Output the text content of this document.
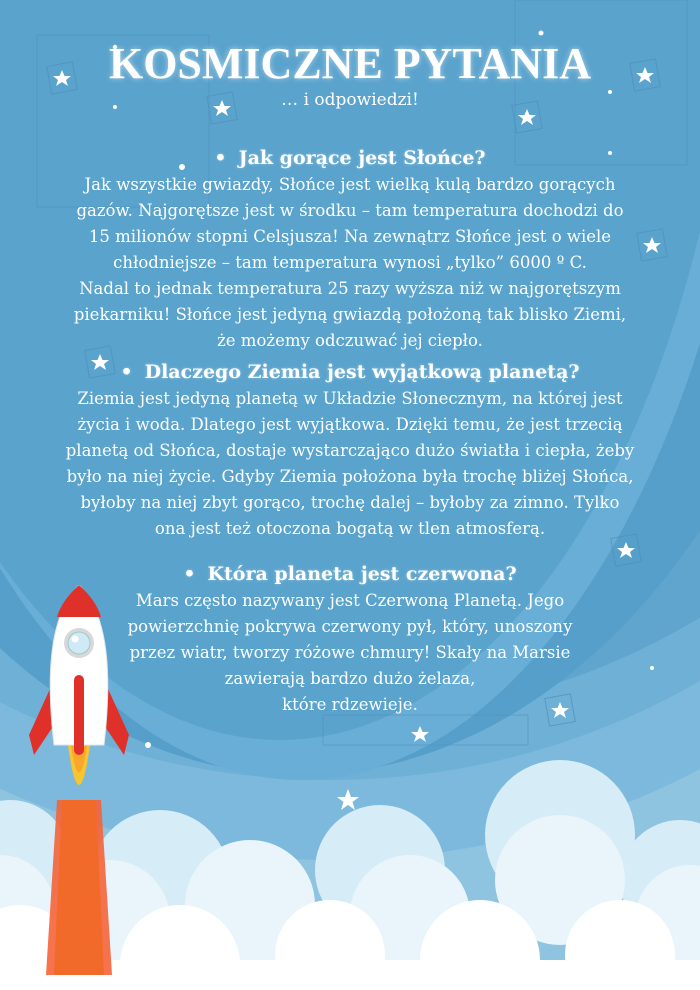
KOSMICZNE PYTANIA
… i odpowiedzi!
• Jak gorące jest Słońce?

Jak wszystkie gwiazdy, Słońce jest wielką kulą bardzo gorących

gazów. Najgorętsze jest w środku – tam temperatura dochodzi do

15 milionów stopni Celsjusza! Na zewnątrz Słońce jest o wiele

chłodniejsze – tam temperatura wynosi „tylko” 6000 º C.

Nadal to jednak temperatura 25 razy wyższa niż w najgorętszym

piekarniku! Słońce jest jedyną gwiazdą położoną tak blisko Ziemi,

że możemy odczuwać jej ciepło.

• Dlaczego Ziemia jest wyjątkową planetą?

Ziemia jest jedyną planetą w Układzie Słonecznym, na której jest

życia i woda. Dlatego jest wyjątkowa. Dzięki temu, że jest trzecią

planetą od Słońca, dostaje wystarczająco dużo światła i ciepła, żeby

było na niej życie. Gdyby Ziemia położona była trochę bliżej Słońca,

byłoby na niej zbyt gorąco, trochę dalej – byłoby za zimno. Tylko

ona jest też otoczona bogatą w tlen atmosferą.

• Która planeta jest czerwona?

Mars często nazywany jest Czerwoną Planetą. Jego

powierzchnię pokrywa czerwony pył, który, unoszony

przez wiatr, tworzy różowe chmury! Skały na Marsie

zawierają bardzo dużo żelaza,

które rdzewieje.
